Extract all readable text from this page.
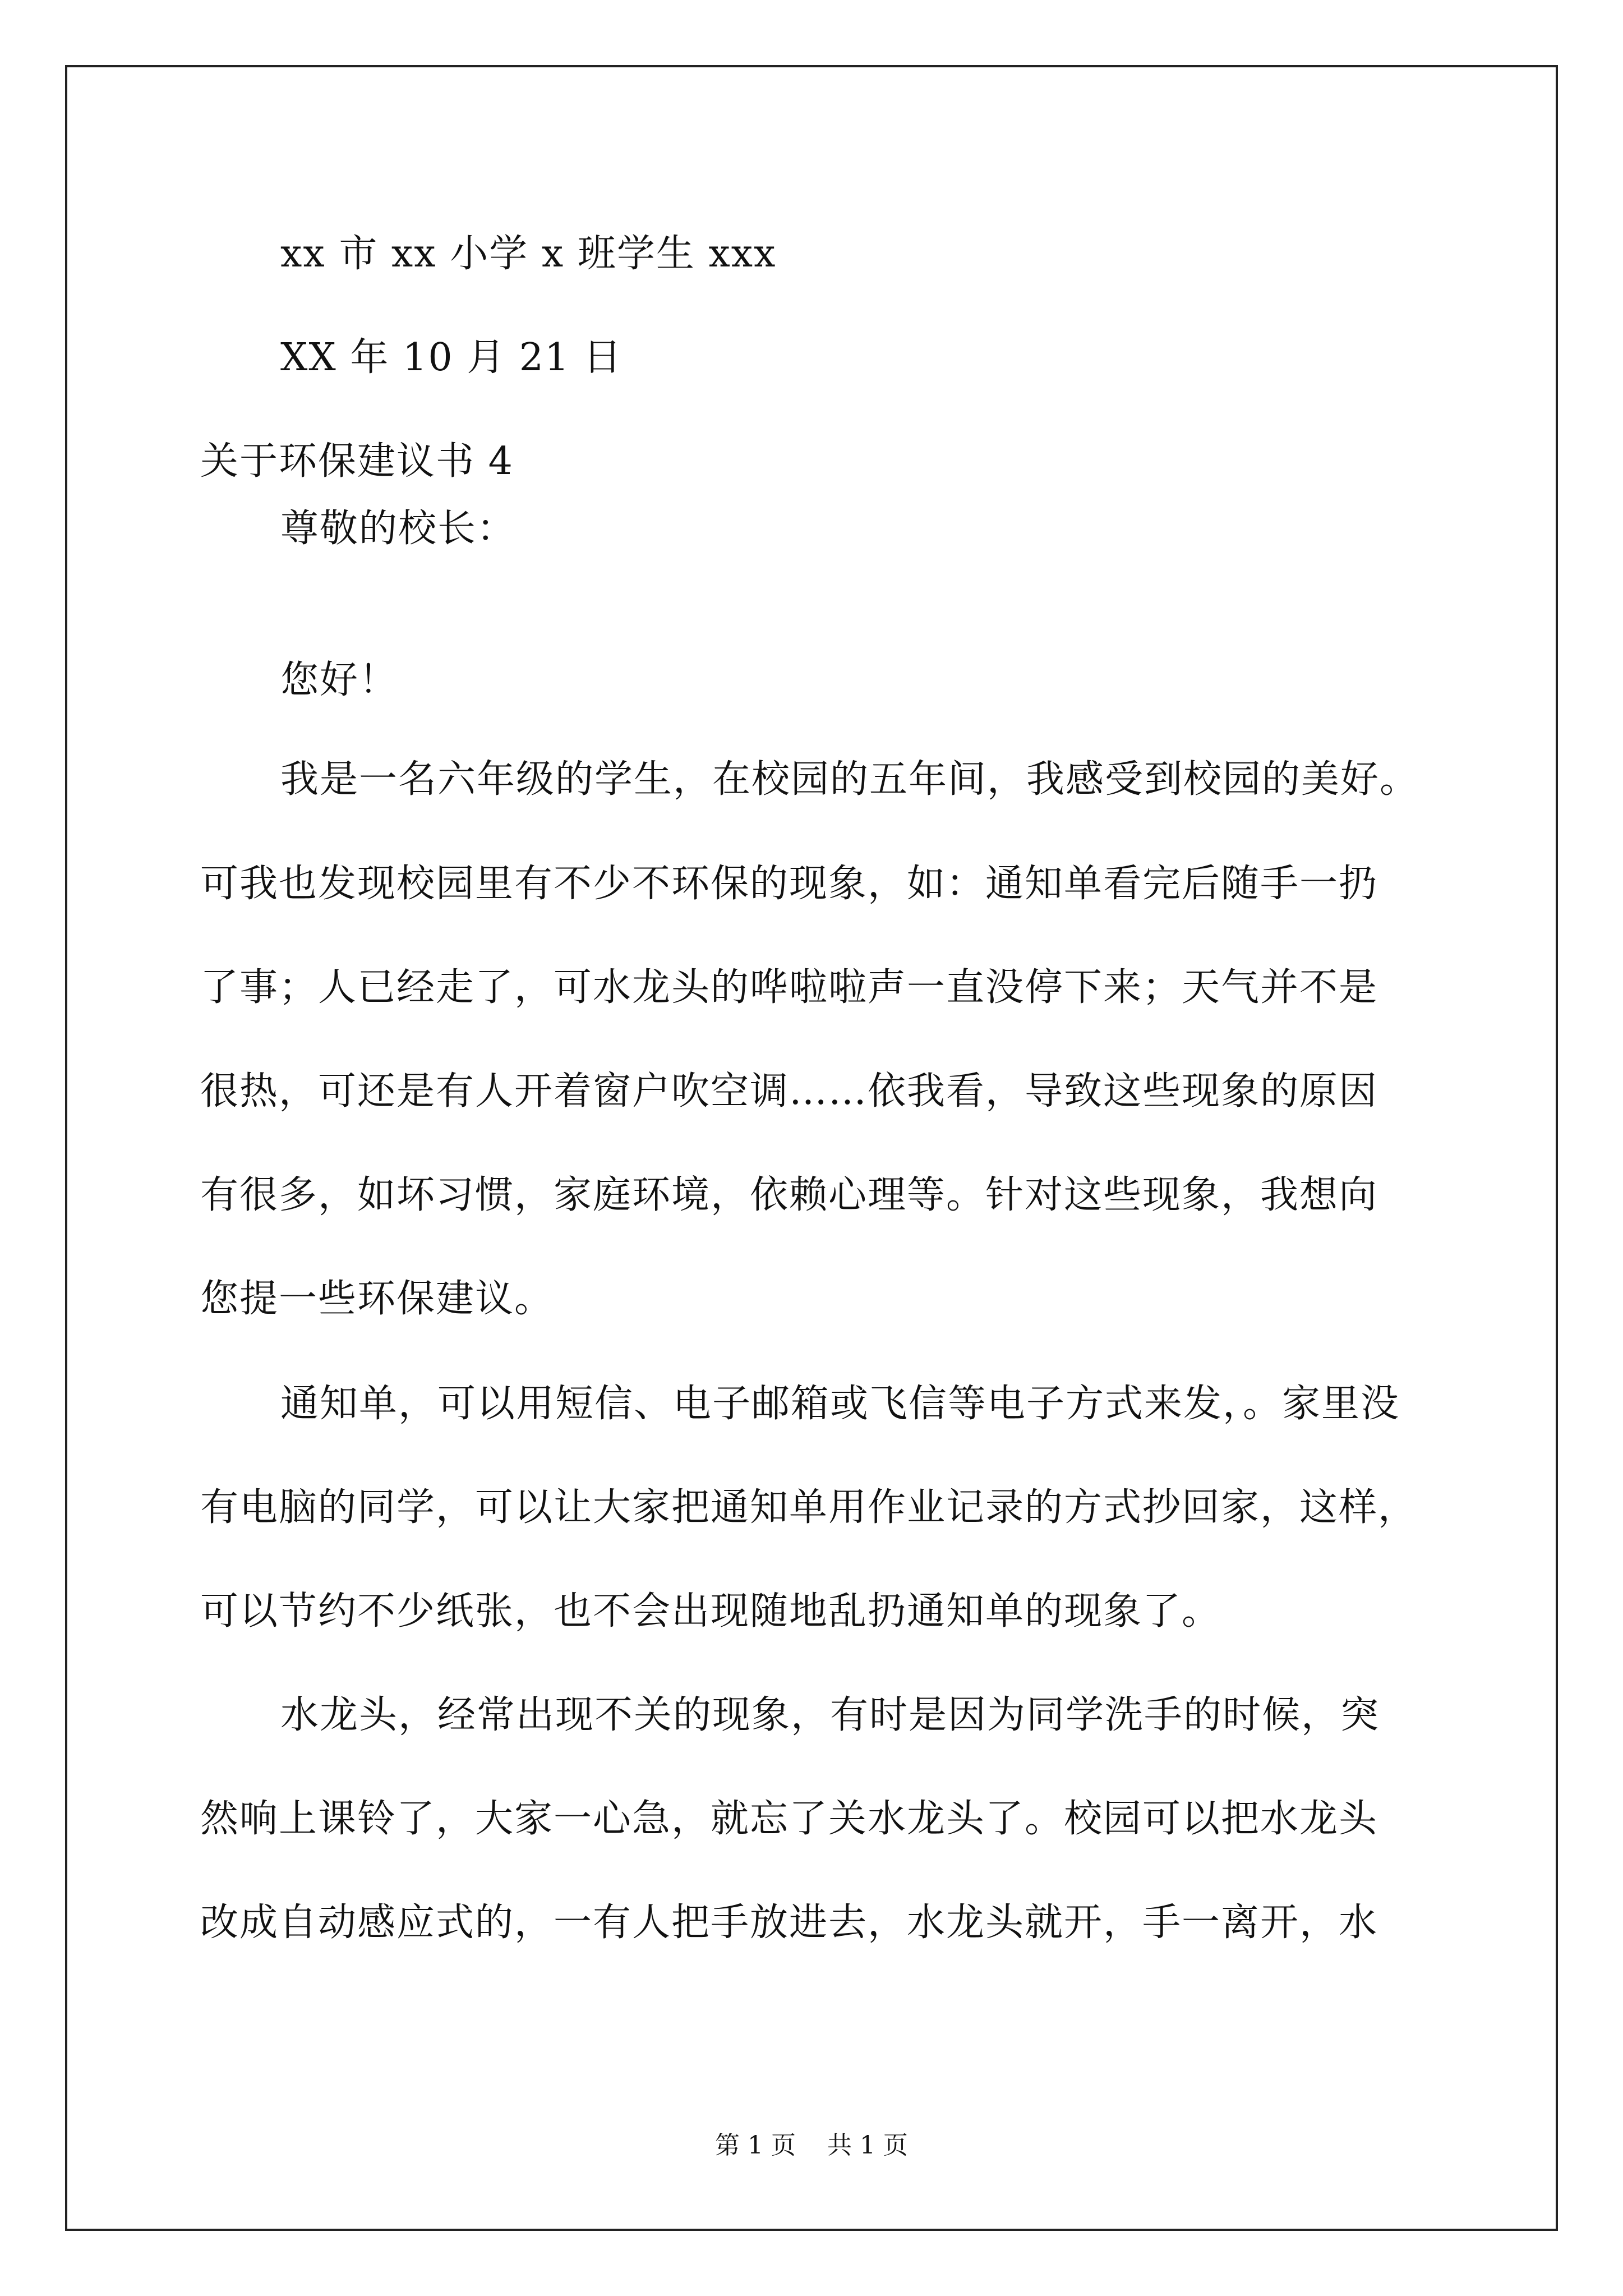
xx 市 xx 小学 x 班学生 xxx
XX 年 10 月 21 日
关于环保建议书 4
尊敬的校长：
您好！
我是一名六年级的学生，在校园的五年间，我感受到校园的美好。
可我也发现校园里有不少不环保的现象，如：通知单看完后随手一扔
了事；人已经走了，可水龙头的哗啦啦声一直没停下来；天气并不是
很热，可还是有人开着窗户吹空调……依我看，导致这些现象的原因
有很多，如坏习惯，家庭环境，依赖心理等。针对这些现象，我想向
您提一些环保建议。
通知单，可以用短信、电子邮箱或飞信等电子方式来发，。家里没
有电脑的同学，可以让大家把通知单用作业记录的方式抄回家，这样，
可以节约不少纸张，也不会出现随地乱扔通知单的现象了。
水龙头，经常出现不关的现象，有时是因为同学洗手的时候，突
然响上课铃了，大家一心急，就忘了关水龙头了。校园可以把水龙头
改成自动感应式的，一有人把手放进去，水龙头就开，手一离开，水
第 1 页    共 1 页
